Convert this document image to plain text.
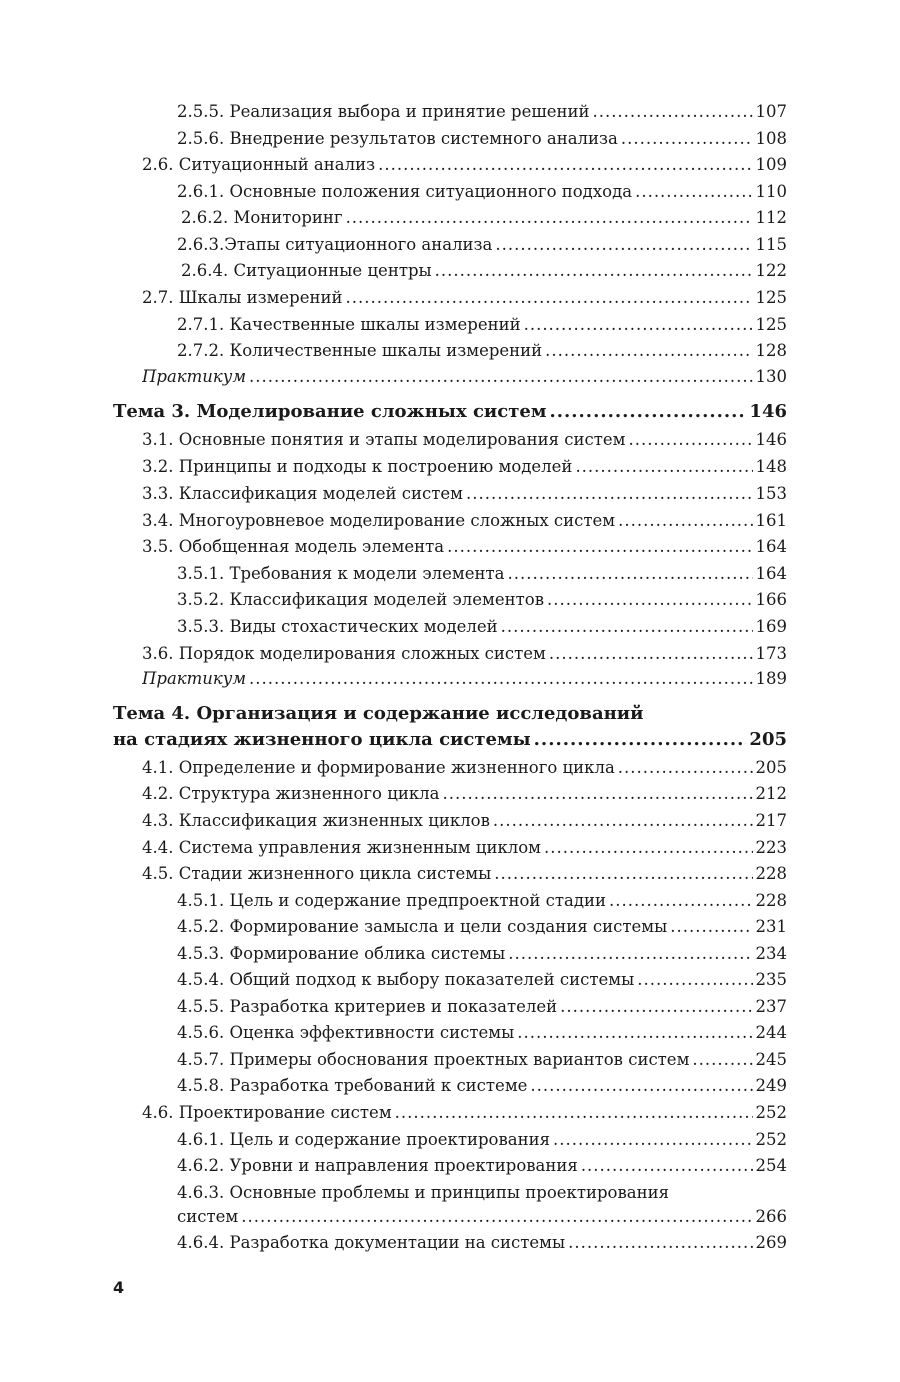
2.5.5. Реализация выбора и принятие решений .....	107
2.5.6. Внедрение результатов системного анализа .....	108
2.6. Ситуационный анализ .....	109
2.6.1. Основные положения ситуационного подхода .....	110
2.6.2. Мониторинг .....	112
2.6.3.Этапы ситуационного анализа .....	115
2.6.4. Ситуационные центры .....	122
2.7. Шкалы измерений .....	125
2.7.1. Качественные шкалы измерений .....	125
2.7.2. Количественные шкалы измерений .....	128
Практикум .....	130
Тема 3. Моделирование сложных систем .....	146
3.1. Основные понятия и этапы моделирования систем .....	146
3.2. Принципы и подходы к построению моделей .....	148
3.3. Классификация моделей систем .....	153
3.4. Многоуровневое моделирование сложных систем .....	161
3.5. Обобщенная модель элемента .....	164
3.5.1. Требования к модели элемента .....	164
3.5.2. Классификация моделей элементов .....	166
3.5.3. Виды стохастических моделей .....	169
3.6. Порядок моделирования сложных систем .....	173
Практикум .....	189
Тема 4. Организация и содержание исследований
на стадиях жизненного цикла системы .....	205
4.1. Определение и формирование жизненного цикла .....	205
4.2. Структура жизненного цикла .....	212
4.3. Классификация жизненных циклов .....	217
4.4. Система управления жизненным циклом .....	223
4.5. Стадии жизненного цикла системы .....	228
4.5.1. Цель и содержание предпроектной стадии .....	228
4.5.2. Формирование замысла и цели создания системы .....	231
4.5.3. Формирование облика системы .....	234
4.5.4. Общий подход к выбору показателей системы .....	235
4.5.5. Разработка критериев и показателей .....	237
4.5.6. Оценка эффективности системы .....	244
4.5.7. Примеры обоснования проектных вариантов систем .....	245
4.5.8. Разработка требований к системе .....	249
4.6. Проектирование систем .....	252
4.6.1. Цель и содержание проектирования .....	252
4.6.2. Уровни и направления проектирования .....	254
4.6.3. Основные проблемы и принципы проектирования
систем .....	266
4.6.4. Разработка документации на системы .....	269
4
